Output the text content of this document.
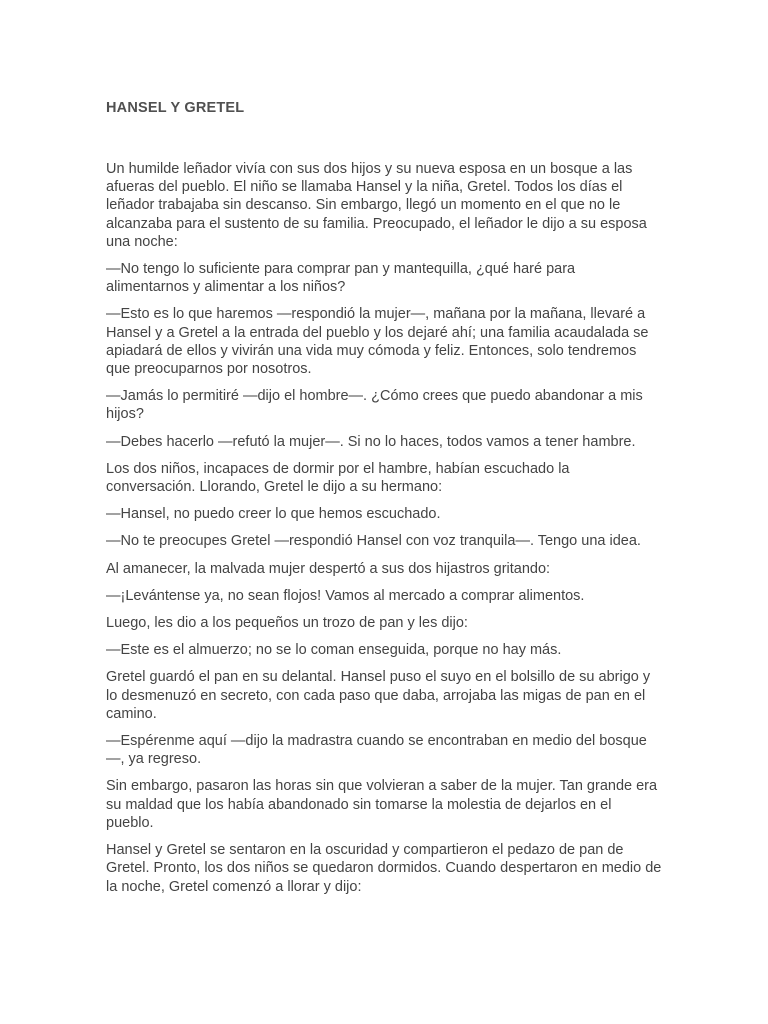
HANSEL Y GRETEL

Un humilde leñador vivía con sus dos hijos y su nueva esposa en un bosque a las afueras del pueblo. El niño se llamaba Hansel y la niña, Gretel. Todos los días el leñador trabajaba sin descanso. Sin embargo, llegó un momento en el que no le alcanzaba para el sustento de su familia. Preocupado, el leñador le dijo a su esposa una noche:

—No tengo lo suficiente para comprar pan y mantequilla, ¿qué haré para alimentarnos y alimentar a los niños?

—Esto es lo que haremos —respondió la mujer—, mañana por la mañana, llevaré a Hansel y a Gretel a la entrada del pueblo y los dejaré ahí; una familia acaudalada se apiadará de ellos y vivirán una vida muy cómoda y feliz. Entonces, solo tendremos que preocuparnos por nosotros.

—Jamás lo permitiré —dijo el hombre—. ¿Cómo crees que puedo abandonar a mis hijos?

—Debes hacerlo —refutó la mujer—. Si no lo haces, todos vamos a tener hambre.

Los dos niños, incapaces de dormir por el hambre, habían escuchado la conversación. Llorando, Gretel le dijo a su hermano:

—Hansel, no puedo creer lo que hemos escuchado.

—No te preocupes Gretel —respondió Hansel con voz tranquila—. Tengo una idea.

Al amanecer, la malvada mujer despertó a sus dos hijastros gritando:

—¡Levántense ya, no sean flojos! Vamos al mercado a comprar alimentos.

Luego, les dio a los pequeños un trozo de pan y les dijo:

—Este es el almuerzo; no se lo coman enseguida, porque no hay más.

Gretel guardó el pan en su delantal. Hansel puso el suyo en el bolsillo de su abrigo y lo desmenuzó en secreto, con cada paso que daba, arrojaba las migas de pan en el camino.

—Espérenme aquí —dijo la madrastra cuando se encontraban en medio del bosque—, ya regreso.

Sin embargo, pasaron las horas sin que volvieran a saber de la mujer. Tan grande era su maldad que los había abandonado sin tomarse la molestia de dejarlos en el pueblo.

Hansel y Gretel se sentaron en la oscuridad y compartieron el pedazo de pan de Gretel. Pronto, los dos niños se quedaron dormidos. Cuando despertaron en medio de la noche, Gretel comenzó a llorar y dijo:
